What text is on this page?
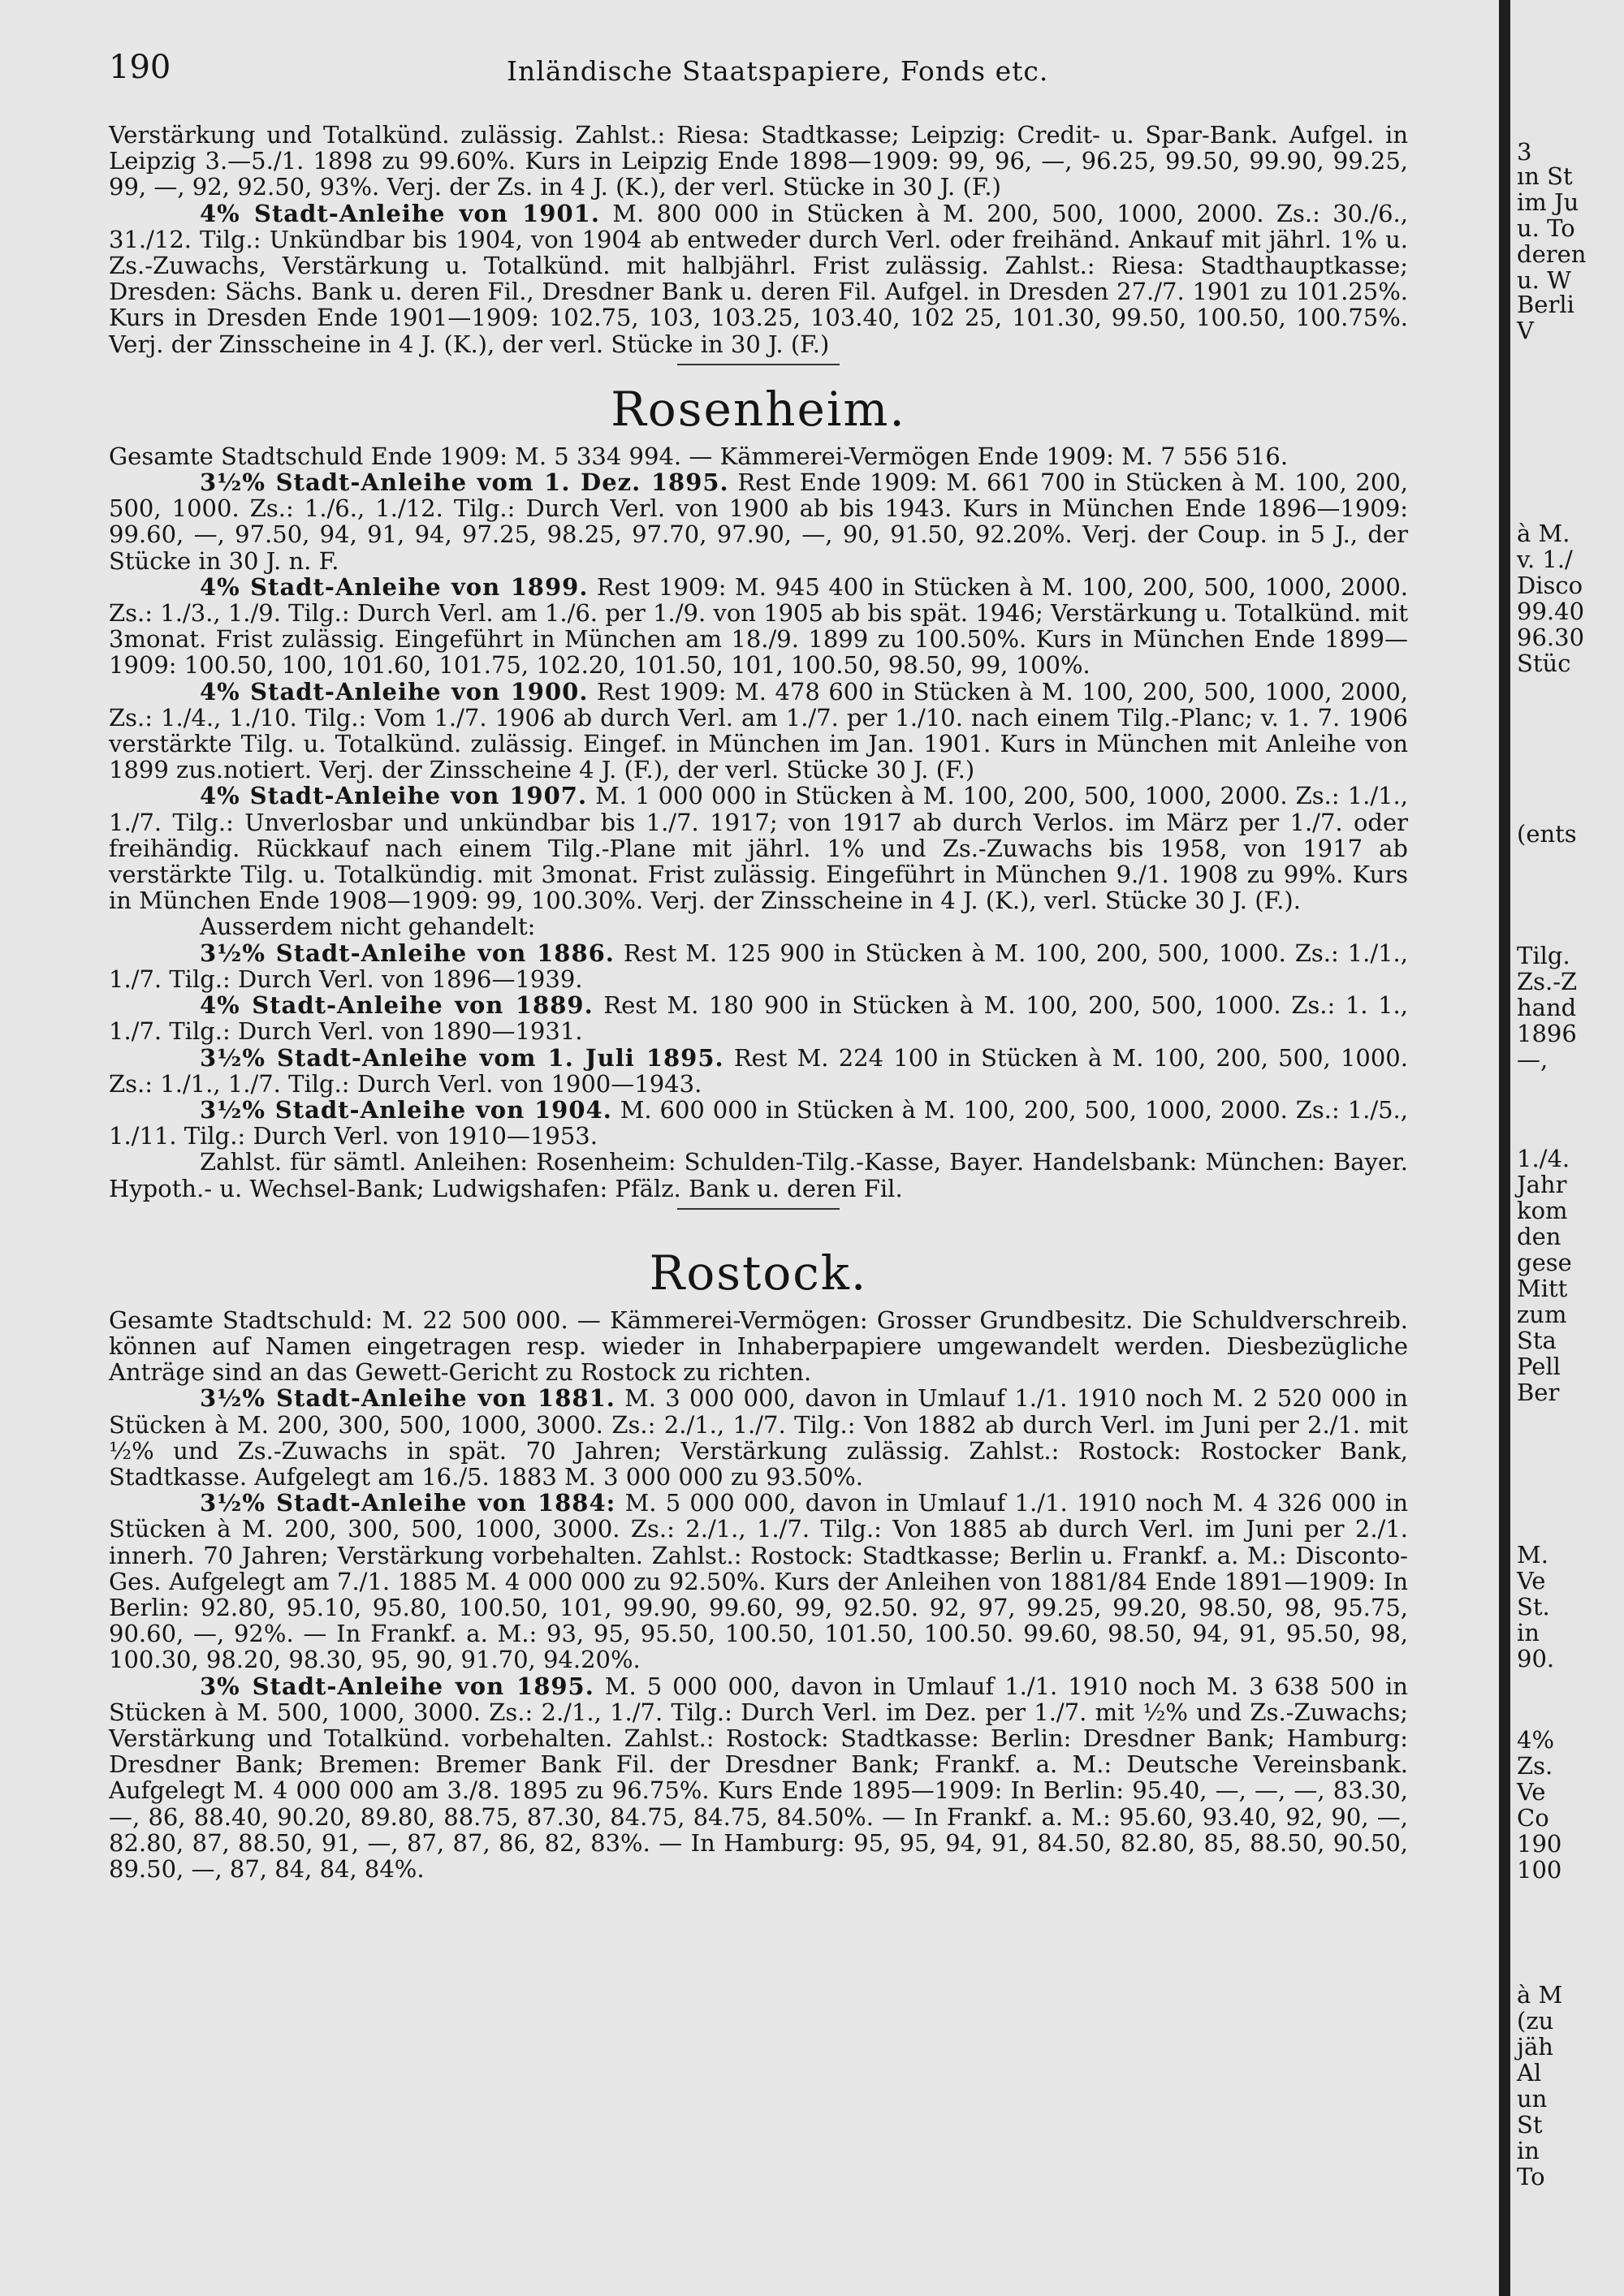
190	Inländische Staatspapiere, Fonds etc.

Verstärkung und Totalkünd. zulässig. Zahlst.: Riesa: Stadtkasse; Leipzig: Credit- u. Spar-Bank. Aufgel. in Leipzig 3.—5./1. 1898 zu 99.60%. Kurs in Leipzig Ende 1898—1909: 99, 96, —, 96.25, 99.50, 99.90, 99.25, 99, —, 92, 92.50, 93%. Verj. der Zs. in 4 J. (K.), der verl. Stücke in 30 J. (F.)

4% Stadt-Anleihe von 1901. M. 800 000 in Stücken à M. 200, 500, 1000, 2000. Zs.: 30./6., 31./12. Tilg.: Unkündbar bis 1904, von 1904 ab entweder durch Verl. oder freihänd. Ankauf mit jährl. 1% u. Zs.-Zuwachs, Verstärkung u. Totalkünd. mit halbjährl. Frist zulässig. Zahlst.: Riesa: Stadthauptkasse; Dresden: Sächs. Bank u. deren Fil., Dresdner Bank u. deren Fil. Aufgel. in Dresden 27./7. 1901 zu 101.25%. Kurs in Dresden Ende 1901—1909: 102.75, 103, 103.25, 103.40, 102 25, 101.30, 99.50, 100.50, 100.75%. Verj. der Zinsscheine in 4 J. (K.), der verl. Stücke in 30 J. (F.)

Rosenheim.

Gesamte Stadtschuld Ende 1909: M. 5 334 994. — Kämmerei-Vermögen Ende 1909: M. 7 556 516.

3½% Stadt-Anleihe vom 1. Dez. 1895. Rest Ende 1909: M. 661 700 in Stücken à M. 100, 200, 500, 1000. Zs.: 1./6., 1./12. Tilg.: Durch Verl. von 1900 ab bis 1943. Kurs in München Ende 1896—1909: 99.60, —, 97.50, 94, 91, 94, 97.25, 98.25, 97.70, 97.90, —, 90, 91.50, 92.20%. Verj. der Coup. in 5 J., der Stücke in 30 J. n. F.

4% Stadt-Anleihe von 1899. Rest 1909: M. 945 400 in Stücken à M. 100, 200, 500, 1000, 2000. Zs.: 1./3., 1./9. Tilg.: Durch Verl. am 1./6. per 1./9. von 1905 ab bis spät. 1946; Verstärkung u. Totalkünd. mit 3monat. Frist zulässig. Eingeführt in München am 18./9. 1899 zu 100.50%. Kurs in München Ende 1899—1909: 100.50, 100, 101.60, 101.75, 102.20, 101.50, 101, 100.50, 98.50, 99, 100%.

4% Stadt-Anleihe von 1900. Rest 1909: M. 478 600 in Stücken à M. 100, 200, 500, 1000, 2000, Zs.: 1./4., 1./10. Tilg.: Vom 1./7. 1906 ab durch Verl. am 1./7. per 1./10. nach einem Tilg.-Planc; v. 1. 7. 1906 verstärkte Tilg. u. Totalkünd. zulässig. Eingef. in München im Jan. 1901. Kurs in München mit Anleihe von 1899 zus.notiert. Verj. der Zinsscheine 4 J. (F.), der verl. Stücke 30 J. (F.)

4% Stadt-Anleihe von 1907. M. 1 000 000 in Stücken à M. 100, 200, 500, 1000, 2000. Zs.: 1./1., 1./7. Tilg.: Unverlosbar und unkündbar bis 1./7. 1917; von 1917 ab durch Verlos. im März per 1./7. oder freihändig. Rückkauf nach einem Tilg.-Plane mit jährl. 1% und Zs.-Zuwachs bis 1958, von 1917 ab verstärkte Tilg. u. Totalkündig. mit 3monat. Frist zulässig. Eingeführt in München 9./1. 1908 zu 99%. Kurs in München Ende 1908—1909: 99, 100.30%. Verj. der Zinsscheine in 4 J. (K.), verl. Stücke 30 J. (F.).

Ausserdem nicht gehandelt:

3½% Stadt-Anleihe von 1886. Rest M. 125 900 in Stücken à M. 100, 200, 500, 1000. Zs.: 1./1., 1./7. Tilg.: Durch Verl. von 1896—1939.

4% Stadt-Anleihe von 1889. Rest M. 180 900 in Stücken à M. 100, 200, 500, 1000. Zs.: 1. 1., 1./7. Tilg.: Durch Verl. von 1890—1931.

3½% Stadt-Anleihe vom 1. Juli 1895. Rest M. 224 100 in Stücken à M. 100, 200, 500, 1000. Zs.: 1./1., 1./7. Tilg.: Durch Verl. von 1900—1943.

3½% Stadt-Anleihe von 1904. M. 600 000 in Stücken à M. 100, 200, 500, 1000, 2000. Zs.: 1./5., 1./11. Tilg.: Durch Verl. von 1910—1953.

Zahlst. für sämtl. Anleihen: Rosenheim: Schulden-Tilg.-Kasse, Bayer. Handelsbank: München: Bayer. Hypoth.- u. Wechsel-Bank; Ludwigshafen: Pfälz. Bank u. deren Fil.

Rostock.

Gesamte Stadtschuld: M. 22 500 000. — Kämmerei-Vermögen: Grosser Grundbesitz. Die Schuldverschreib. können auf Namen eingetragen resp. wieder in Inhaberpapiere umgewandelt werden. Diesbezügliche Anträge sind an das Gewett-Gericht zu Rostock zu richten.

3½% Stadt-Anleihe von 1881. M. 3 000 000, davon in Umlauf 1./1. 1910 noch M. 2 520 000 in Stücken à M. 200, 300, 500, 1000, 3000. Zs.: 2./1., 1./7. Tilg.: Von 1882 ab durch Verl. im Juni per 2./1. mit ½% und Zs.-Zuwachs in spät. 70 Jahren; Verstärkung zulässig. Zahlst.: Rostock: Rostocker Bank, Stadtkasse. Aufgelegt am 16./5. 1883 M. 3 000 000 zu 93.50%.

3½% Stadt-Anleihe von 1884: M. 5 000 000, davon in Umlauf 1./1. 1910 noch M. 4 326 000 in Stücken à M. 200, 300, 500, 1000, 3000. Zs.: 2./1., 1./7. Tilg.: Von 1885 ab durch Verl. im Juni per 2./1. innerh. 70 Jahren; Verstärkung vorbehalten. Zahlst.: Rostock: Stadtkasse; Berlin u. Frankf. a. M.: Disconto-Ges. Aufgelegt am 7./1. 1885 M. 4 000 000 zu 92.50%. Kurs der Anleihen von 1881/84 Ende 1891—1909: In Berlin: 92.80, 95.10, 95.80, 100.50, 101, 99.90, 99.60, 99, 92.50. 92, 97, 99.25, 99.20, 98.50, 98, 95.75, 90.60, —, 92%. — In Frankf. a. M.: 93, 95, 95.50, 100.50, 101.50, 100.50. 99.60, 98.50, 94, 91, 95.50, 98, 100.30, 98.20, 98.30, 95, 90, 91.70, 94.20%.

3% Stadt-Anleihe von 1895. M. 5 000 000, davon in Umlauf 1./1. 1910 noch M. 3 638 500 in Stücken à M. 500, 1000, 3000. Zs.: 2./1., 1./7. Tilg.: Durch Verl. im Dez. per 1./7. mit ½% und Zs.-Zuwachs; Verstärkung und Totalkünd. vorbehalten. Zahlst.: Rostock: Stadtkasse: Berlin: Dresdner Bank; Hamburg: Dresdner Bank; Bremen: Bremer Bank Fil. der Dresdner Bank; Frankf. a. M.: Deutsche Vereinsbank. Aufgelegt M. 4 000 000 am 3./8. 1895 zu 96.75%. Kurs Ende 1895—1909: In Berlin: 95.40, —, —, —, 83.30, —, 86, 88.40, 90.20, 89.80, 88.75, 87.30, 84.75, 84.75, 84.50%. — In Frankf. a. M.: 95.60, 93.40, 92, 90, —, 82.80, 87, 88.50, 91, —, 87, 87, 86, 82, 83%. — In Hamburg: 95, 95, 94, 91, 84.50, 82.80, 85, 88.50, 90.50, 89.50, —, 87, 84, 84, 84%.

3
ın St
im Ju
u. To
deren
u. W
Berli
V
à M.
v. 1./
Disco
99.40
96.30
Stüc
(ents
Tilg.
Zs.-Z
hand
1896
—,
1./4.
Jahr
kom
den
gese
Mitt
zum
Sta
Pell
Ber
M.
Ve
St.
in
90.
4%
Zs.
Ve
Co
190
100
à M
(zu
jäh
Al
un
St
in
To
